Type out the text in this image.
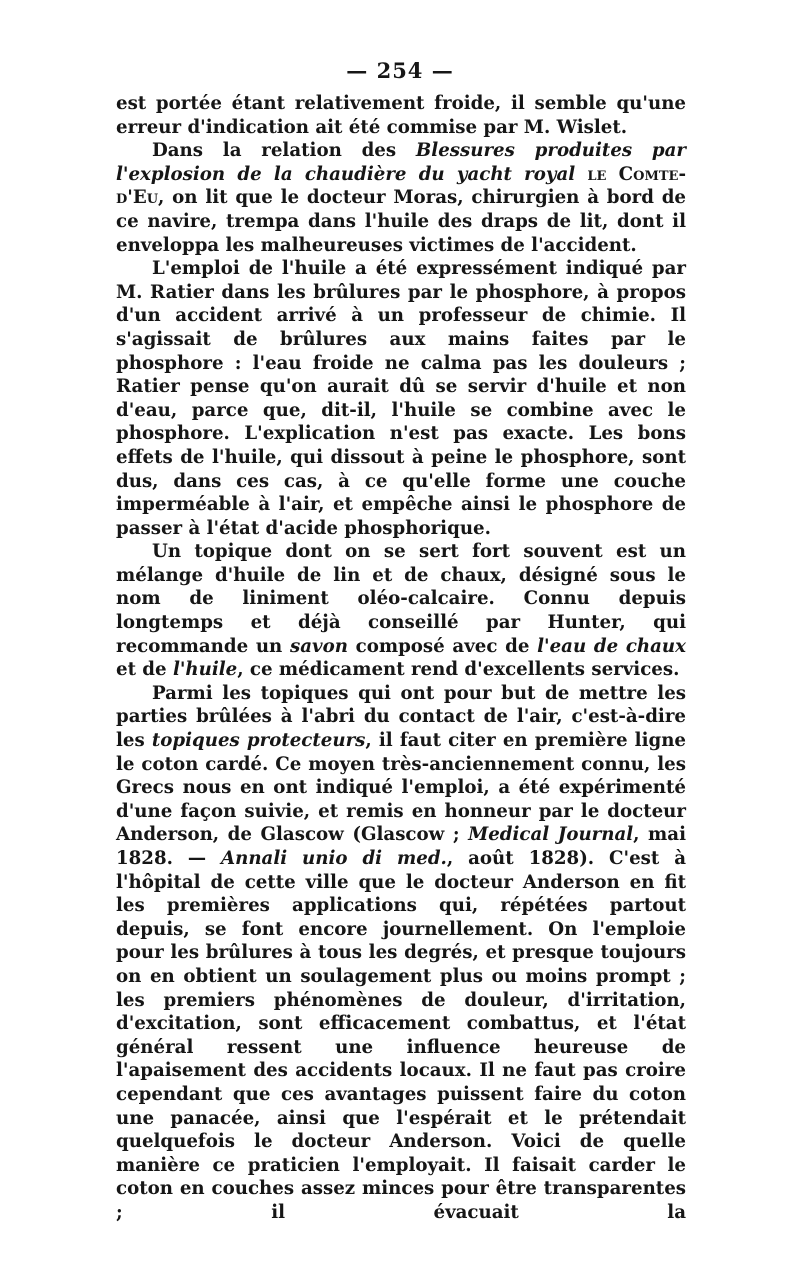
— 254 —

est portée étant relativement froide, il semble qu'une erreur d'indication ait été commise par M. Wislet.

Dans la relation des Blessures produites par l'explosion de la chaudière du yacht royal le Comte-d'Eu, on lit que le docteur Moras, chirurgien à bord de ce navire, trempa dans l'huile des draps de lit, dont il enveloppa les malheureuses victimes de l'accident.

L'emploi de l'huile a été expressément indiqué par M. Ratier dans les brûlures par le phosphore, à propos d'un accident arrivé à un professeur de chimie. Il s'agissait de brûlures aux mains faites par le phosphore : l'eau froide ne calma pas les douleurs ; Ratier pense qu'on aurait dû se servir d'huile et non d'eau, parce que, dit-il, l'huile se combine avec le phosphore. L'explication n'est pas exacte. Les bons effets de l'huile, qui dissout à peine le phosphore, sont dus, dans ces cas, à ce qu'elle forme une couche imperméable à l'air, et empêche ainsi le phosphore de passer à l'état d'acide phosphorique.

Un topique dont on se sert fort souvent est un mélange d'huile de lin et de chaux, désigné sous le nom de liniment oléo-calcaire. Connu depuis longtemps et déjà conseillé par Hunter, qui recommande un savon composé avec de l'eau de chaux et de l'huile, ce médicament rend d'excellents services.

Parmi les topiques qui ont pour but de mettre les parties brûlées à l'abri du contact de l'air, c'est-à-dire les topiques protecteurs, il faut citer en première ligne le coton cardé. Ce moyen très-anciennement connu, les Grecs nous en ont indiqué l'emploi, a été expérimenté d'une façon suivie, et remis en honneur par le docteur Anderson, de Glascow (Glascow ; Medical Journal, mai 1828. — Annali unio di med., août 1828). C'est à l'hôpital de cette ville que le docteur Anderson en fit les premières applications qui, répétées partout depuis, se font encore journellement. On l'emploie pour les brûlures à tous les degrés, et presque toujours on en obtient un soulagement plus ou moins prompt ; les premiers phénomènes de douleur, d'irritation, d'excitation, sont efficacement combattus, et l'état général ressent une influence heureuse de l'apaisement des accidents locaux. Il ne faut pas croire cependant que ces avantages puissent faire du coton une panacée, ainsi que l'espérait et le prétendait quelquefois le docteur Anderson. Voici de quelle manière ce praticien l'employait. Il faisait carder le coton en couches assez minces pour être transparentes ; il évacuait la
